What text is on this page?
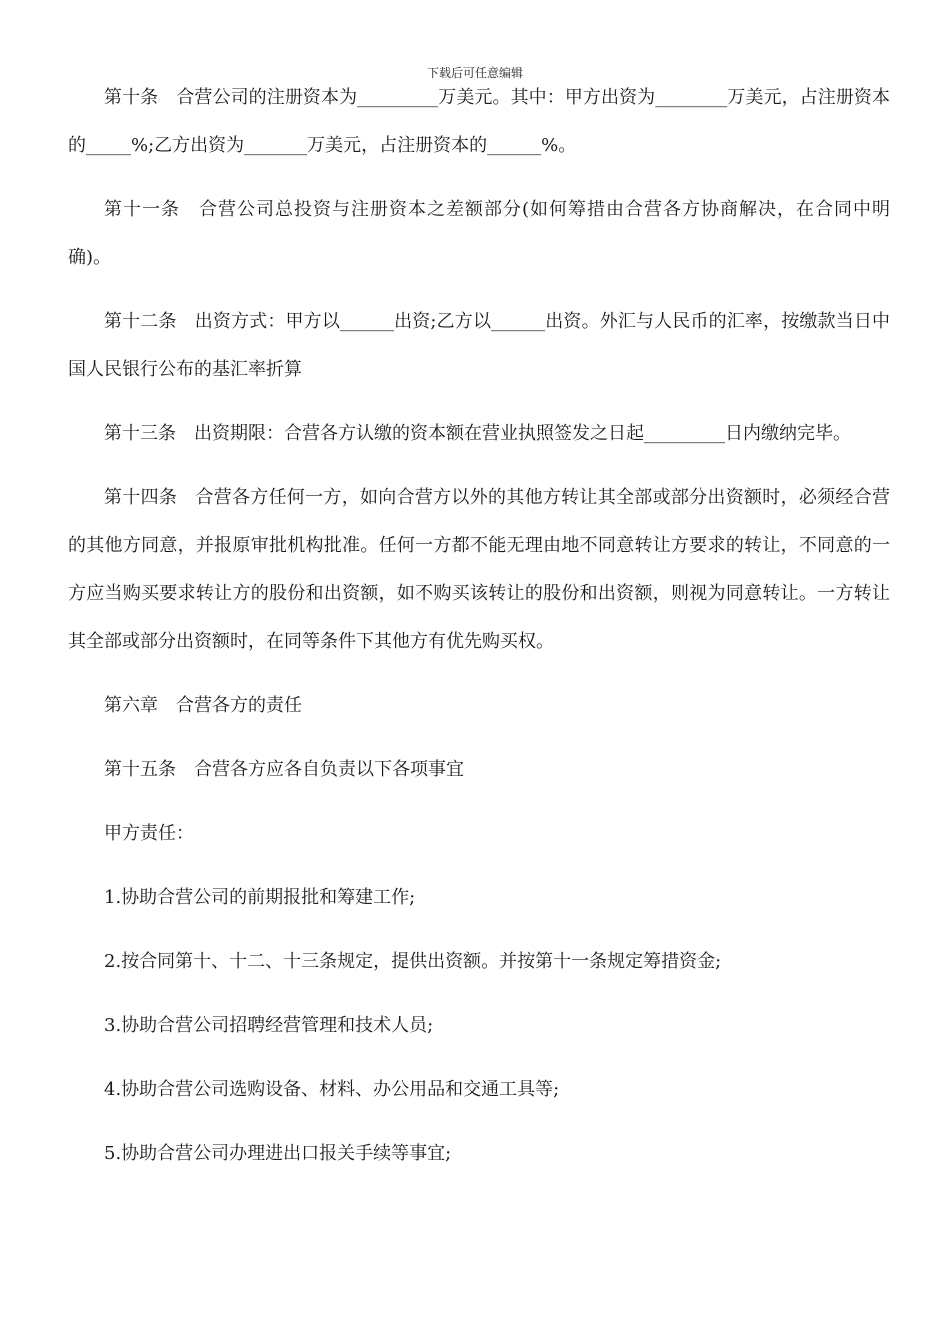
下载后可任意编辑

第十条　合营公司的注册资本为_________万美元。其中：甲方出资为________万美元，占注册资本的_____%;乙方出资为_______万美元，占注册资本的______%。

第十一条　合营公司总投资与注册资本之差额部分(如何筹措由合营各方协商解决，在合同中明确)。

第十二条　出资方式：甲方以______出资;乙方以______出资。外汇与人民币的汇率，按缴款当日中国人民银行公布的基汇率折算

第十三条　出资期限：合营各方认缴的资本额在营业执照签发之日起_________日内缴纳完毕。

第十四条　合营各方任何一方，如向合营方以外的其他方转让其全部或部分出资额时，必须经合营的其他方同意，并报原审批机构批准。任何一方都不能无理由地不同意转让方要求的转让，不同意的一方应当购买要求转让方的股份和出资额，如不购买该转让的股份和出资额，则视为同意转让。一方转让其全部或部分出资额时，在同等条件下其他方有优先购买权。

第六章　合营各方的责任

第十五条　合营各方应各自负责以下各项事宜

甲方责任：

1.协助合营公司的前期报批和筹建工作;

2.按合同第十、十二、十三条规定，提供出资额。并按第十一条规定筹措资金;

3.协助合营公司招聘经营管理和技术人员;

4.协助合营公司选购设备、材料、办公用品和交通工具等;

5.协助合营公司办理进出口报关手续等事宜;
